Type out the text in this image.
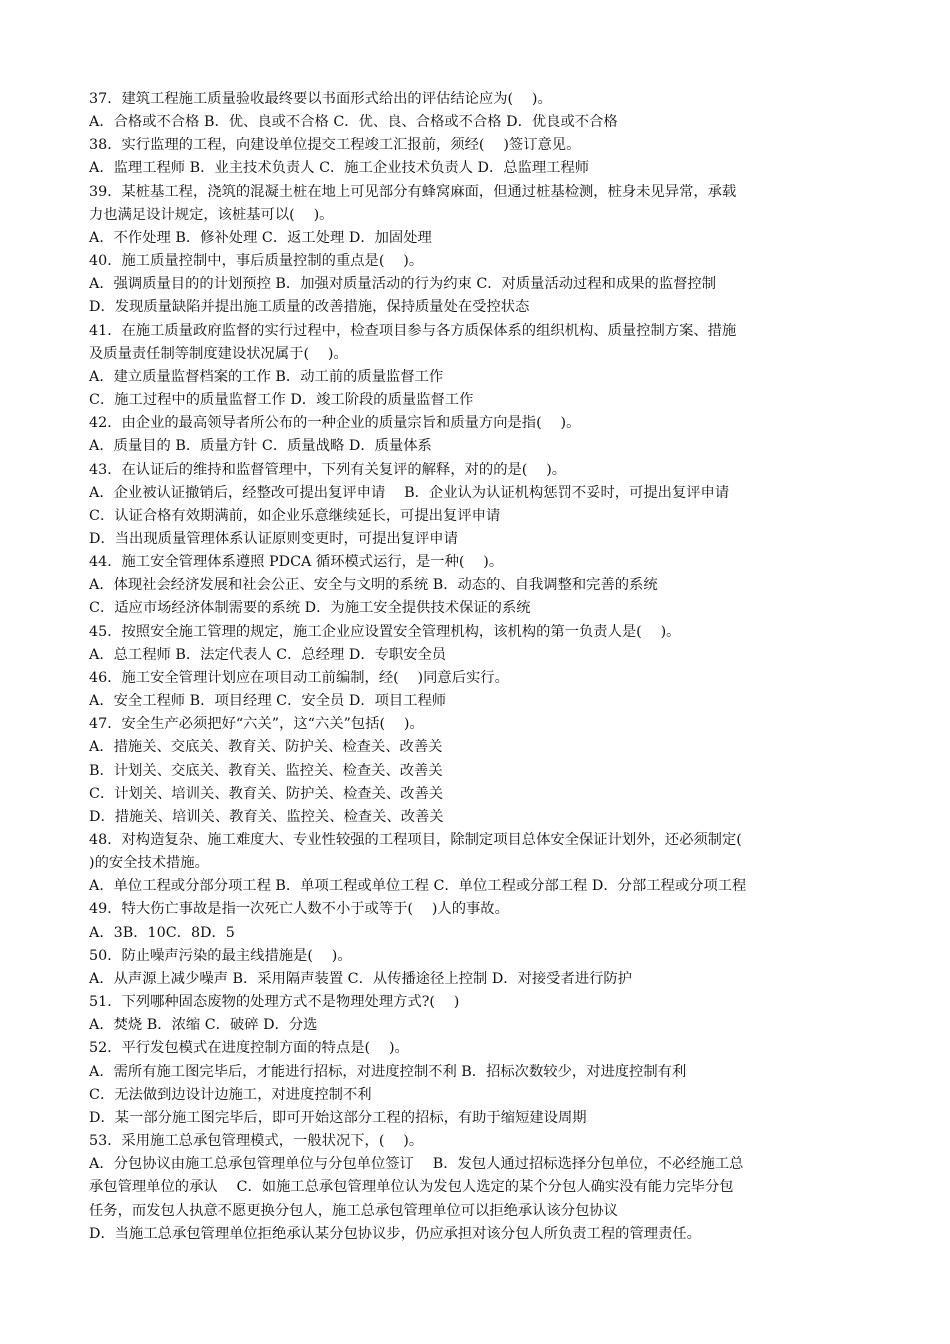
37．建筑工程施工质量验收最终要以书面形式给出的评估结论应为(　 )。
A．合格或不合格 B．优、良或不合格 C．优、良、合格或不合格 D．优良或不合格
38．实行监理的工程，向建设单位提交工程竣工汇报前，须经(　 )签订意见。
A．监理工程师 B．业主技术负责人 C．施工企业技术负责人 D．总监理工程师
39．某桩基工程，浇筑的混凝土桩在地上可见部分有蜂窝麻面，但通过桩基检测，桩身未见异常，承载
力也满足设计规定，该桩基可以(　 )。
A．不作处理 B．修补处理 C．返工处理 D．加固处理
40．施工质量控制中，事后质量控制的重点是(　 )。
A．强调质量目的的计划预控 B．加强对质量活动的行为约束 C．对质量活动过程和成果的监督控制
D．发现质量缺陷并提出施工质量的改善措施，保持质量处在受控状态
41．在施工质量政府监督的实行过程中，检查项目参与各方质保体系的组织机构、质量控制方案、措施
及质量责任制等制度建设状况属于(　 )。
A．建立质量监督档案的工作 B．动工前的质量监督工作
C．施工过程中的质量监督工作 D．竣工阶段的质量监督工作
42．由企业的最高领导者所公布的一种企业的质量宗旨和质量方向是指(　 )。
A．质量目的 B．质量方针 C．质量战略 D．质量体系
43．在认证后的维持和监督管理中，下列有关复评的解释，对的的是(　 )。
A．企业被认证撤销后，经整改可提出复评申请　 B．企业认为认证机构惩罚不妥时，可提出复评申请
C．认证合格有效期满前，如企业乐意继续延长，可提出复评申请
D．当出现质量管理体系认证原则变更时，可提出复评申请
44．施工安全管理体系遵照 PDCA 循环模式运行，是一种(　 )。
A．体现社会经济发展和社会公正、安全与文明的系统 B．动态的、自我调整和完善的系统
C．适应市场经济体制需要的系统 D．为施工安全提供技术保证的系统
45．按照安全施工管理的规定，施工企业应设置安全管理机构，该机构的第一负责人是(　 )。
A．总工程师 B．法定代表人 C．总经理 D．专职安全员
46．施工安全管理计划应在项目动工前编制，经(　 )同意后实行。
A．安全工程师 B．项目经理 C．安全员 D．项目工程师
47．安全生产必须把好“六关”，这“六关”包括(　 )。
A．措施关、交底关、教育关、防护关、检查关、改善关
B．计划关、交底关、教育关、监控关、检查关、改善关
C．计划关、培训关、教育关、防护关、检查关、改善关
D．措施关、培训关、教育关、监控关、检查关、改善关
48．对构造复杂、施工难度大、专业性较强的工程项目，除制定项目总体安全保证计划外，还必须制定(
)的安全技术措施。
A．单位工程或分部分项工程 B．单项工程或单位工程 C．单位工程或分部工程 D．分部工程或分项工程
49．特大伤亡事故是指一次死亡人数不小于或等于(　 )人的事故。
A．3B．10C．8D．5
50．防止噪声污染的最主线措施是(　 )。
A．从声源上减少噪声 B．采用隔声装置 C．从传播途径上控制 D．对接受者进行防护
51．下列哪种固态废物的处理方式不是物理处理方式?(　 )
A．焚烧 B．浓缩 C．破碎 D．分选
52．平行发包模式在进度控制方面的特点是(　 )。
A．需所有施工图完毕后，才能进行招标，对进度控制不利 B．招标次数较少，对进度控制有利
C．无法做到边设计边施工，对进度控制不利
D．某一部分施工图完毕后，即可开始这部分工程的招标，有助于缩短建设周期
53．采用施工总承包管理模式，一般状况下，(　 )。
A．分包协议由施工总承包管理单位与分包单位签订　 B．发包人通过招标选择分包单位，不必经施工总
承包管理单位的承认　 C．如施工总承包管理单位认为发包人选定的某个分包人确实没有能力完毕分包
任务，而发包人执意不愿更换分包人，施工总承包管理单位可以拒绝承认该分包协议
D．当施工总承包管理单位拒绝承认某分包协议步，仍应承担对该分包人所负责工程的管理责任。
